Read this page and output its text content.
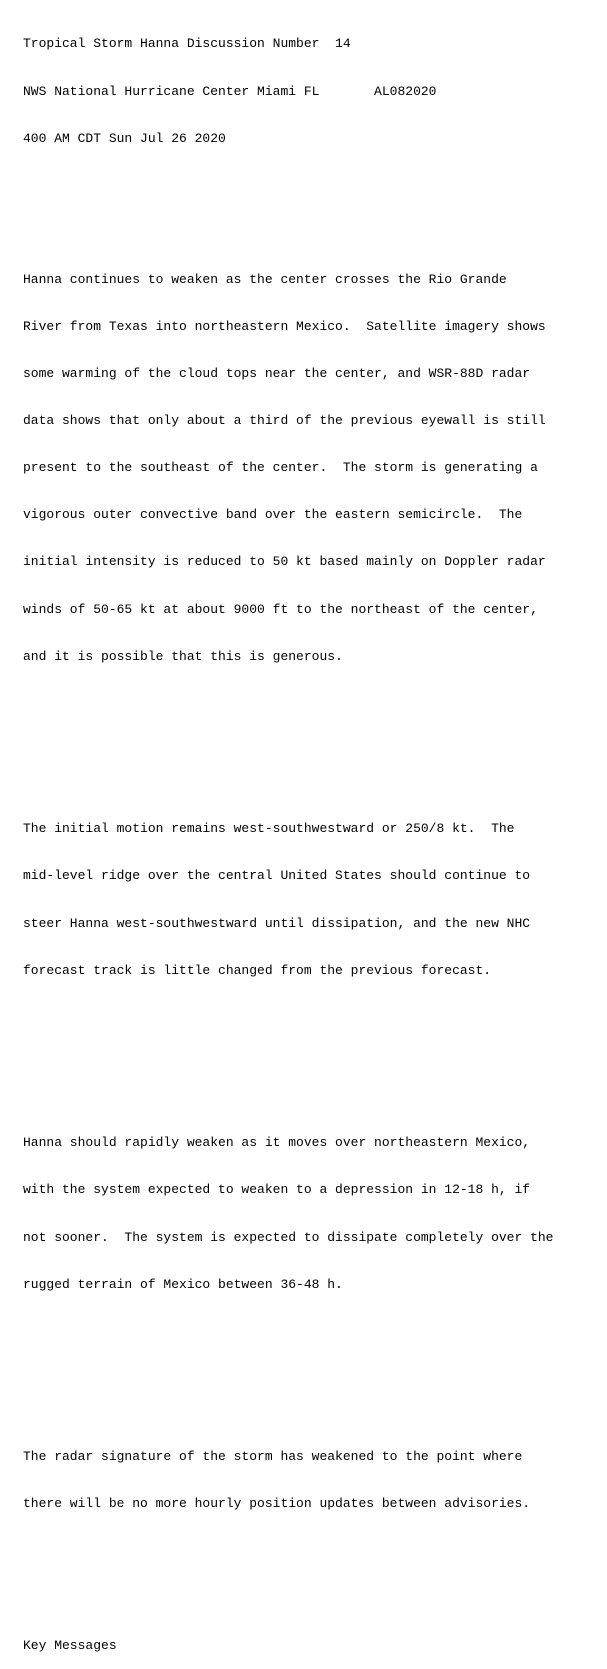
Tropical Storm Hanna Discussion Number  14

NWS National Hurricane Center Miami FL       AL082020

400 AM CDT Sun Jul 26 2020

Hanna continues to weaken as the center crosses the Rio Grande

River from Texas into northeastern Mexico.  Satellite imagery shows

some warming of the cloud tops near the center, and WSR-88D radar

data shows that only about a third of the previous eyewall is still

present to the southeast of the center.  The storm is generating a

vigorous outer convective band over the eastern semicircle.  The

initial intensity is reduced to 50 kt based mainly on Doppler radar

winds of 50-65 kt at about 9000 ft to the northeast of the center,

and it is possible that this is generous.

The initial motion remains west-southwestward or 250/8 kt.  The

mid-level ridge over the central United States should continue to

steer Hanna west-southwestward until dissipation, and the new NHC

forecast track is little changed from the previous forecast.

Hanna should rapidly weaken as it moves over northeastern Mexico,

with the system expected to weaken to a depression in 12-18 h, if

not sooner.  The system is expected to dissipate completely over the

rugged terrain of Mexico between 36-48 h.

The radar signature of the storm has weakened to the point where

there will be no more hourly position updates between advisories.

Key Messages
